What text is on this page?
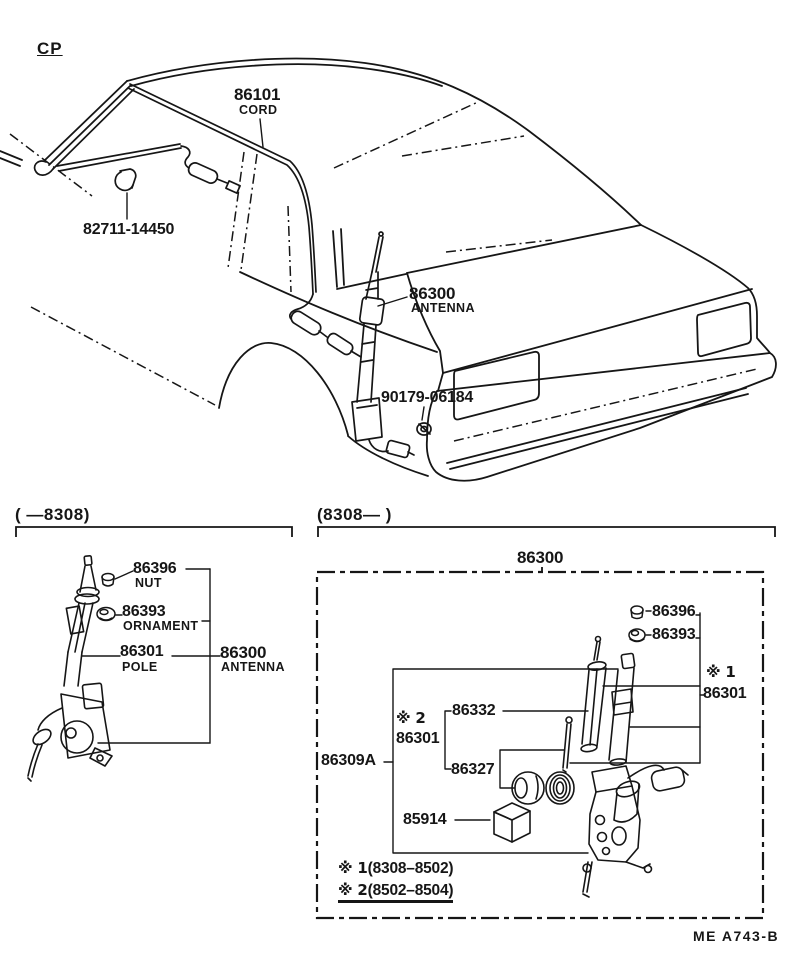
CP
86101
CORD
82711-14450
86300
ANTENNA
90179-06184
( —8308)
86396
NUT
86393
ORNAMENT
86301
POLE
86300
ANTENNA
(8308— )
86300
86396
86393
※ 1
86301
86332
※ 2
86301
86309A
86327
85914
※ 1(8308–8502)
※ 2(8502–8504)
ME A743-B
